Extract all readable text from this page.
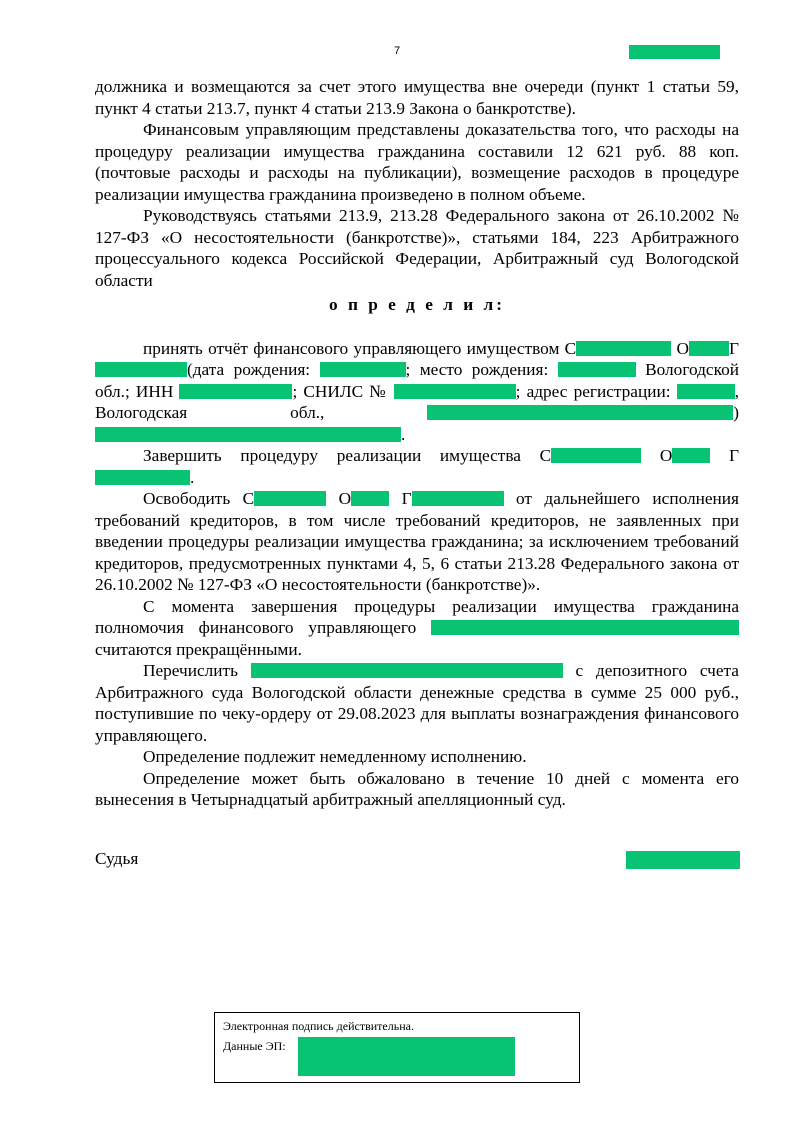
7

должника и возмещаются за счет этого имущества вне очереди (пункт 1 статьи 59, пункт 4 статьи 213.7, пункт 4 статьи 213.9 Закона о банкротстве).

Финансовым управляющим представлены доказательства того, что расходы на процедуру реализации имущества гражданина составили 12 621 руб. 88 коп. (почтовые расходы и расходы на публикации), возмещение расходов в процедуре реализации имущества гражданина произведено в полном объеме.

Руководствуясь статьями 213.9, 213.28 Федерального закона от 26.10.2002 № 127-ФЗ «О несостоятельности (банкротстве)», статьями 184, 223 Арбитражного процессуального кодекса Российской Федерации, Арбитражный суд Вологодской области

о п р е д е л и л:

принять отчёт финансового управляющего имуществом С	О Г(дата рождения:	; место рождения:	Вологодской обл.; ИНН	; СНИЛС №	; адрес регистрации:	, Вологодская обл.,	) .

Завершить процедуру реализации имущества С	О	Г.

Освободить С	О	Г	от дальнейшего исполнения требований кредиторов, в том числе требований кредиторов, не заявленных при введении процедуры реализации имущества гражданина; за исключением требований кредиторов, предусмотренных пунктами 4, 5, 6 статьи 213.28 Федерального закона от 26.10.2002 № 127-ФЗ «О несостоятельности (банкротстве)».

С момента завершения процедуры реализации имущества гражданина полномочия финансового управляющего  считаются прекращёнными.

Перечислить	с депозитного счета Арбитражного суда Вологодской области денежные средства в сумме 25 000 руб., поступившие по чеку-ордеру от 29.08.2023 для выплаты вознаграждения финансового управляющего.

Определение подлежит немедленному исполнению.

Определение может быть обжаловано в течение 10 дней с момента его вынесения в Четырнадцатый арбитражный апелляционный суд.

Судья
Электронная подпись действительна.
Данные ЭП:
